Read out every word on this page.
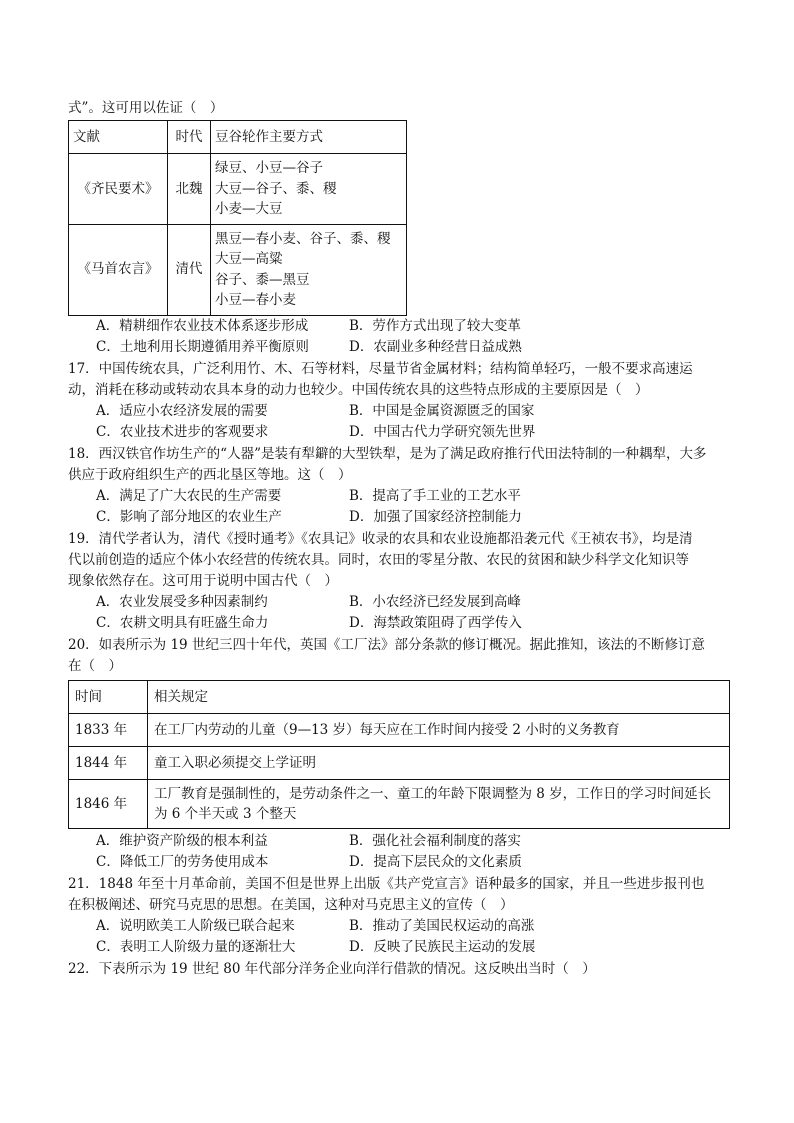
式”。这可用以佐证（　）
文献	时代	豆谷轮作主要方式
《齐民要术》	北魏	绿豆、小豆—谷子
大豆—谷子、黍、稷
小麦—大豆

《马首农言》	清代	黑豆—春小麦、谷子、黍、稷
大豆—高粱
谷子、黍—黑豆
小豆—春小麦
A．精耕细作农业技术体系逐步形成	B．劳作方式出现了较大变革 C．土地利用长期遵循用养平衡原则	D．农副业多种经营日益成熟
17．中国传统农具，广泛利用竹、木、石等材料，尽量节省金属材料；结构简单轻巧，一般不要求高速运
动，消耗在移动或转动农具本身的动力也较少。中国传统农具的这些特点形成的主要原因是（　）
A．适应小农经济发展的需要	B．中国是金属资源匮乏的国家 C．农业技术进步的客观要求	D．中国古代力学研究领先世界
18．西汉铁官作坊生产的“人器”是装有犁鐴的大型铁犁，是为了满足政府推行代田法特制的一种耦犁，大多
供应于政府组织生产的西北垦区等地。这（　）
A．满足了广大农民的生产需要	B．提高了手工业的工艺水平 C．影响了部分地区的农业生产	D．加强了国家经济控制能力
19．清代学者认为，清代《授时通考》《农具记》收录的农具和农业设施都沿袭元代《王祯农书》，均是清
代以前创造的适应个体小农经营的传统农具。同时，农田的零星分散、农民的贫困和缺少科学文化知识等
现象依然存在。这可用于说明中国古代（　）
A．农业发展受多种因素制约	B．小农经济已经发展到高峰 C．农耕文明具有旺盛生命力	D．海禁政策阻碍了西学传入
20．如表所示为 19 世纪三四十年代，英国《工厂法》部分条款的修订概况。据此推知，该法的不断修订意
在（　）
时间	相关规定
1833 年	在工厂内劳动的儿童（9—13 岁）每天应在工作时间内接受 2 小时的义务教育
1844 年	童工入职必须提交上学证明
1846 年	工厂教育是强制性的，是劳动条件之一、童工的年龄下限调整为 8 岁，工作日的学习时间延长为 6 个半天或 3 个整天
A．维护资产阶级的根本利益	B．强化社会福利制度的落实 C．降低工厂的劳务使用成本	D．提高下层民众的文化素质
21．1848 年至十月革命前，美国不但是世界上出版《共产党宣言》语种最多的国家，并且一些进步报刊也
在积极阐述、研究马克思的思想。在美国，这种对马克思主义的宣传（　）
A．说明欧美工人阶级已联合起来	B．推动了美国民权运动的高涨 C．表明工人阶级力量的逐渐壮大	D．反映了民族民主运动的发展
22．下表所示为 19 世纪 80 年代部分洋务企业向洋行借款的情况。这反映出当时（　）
